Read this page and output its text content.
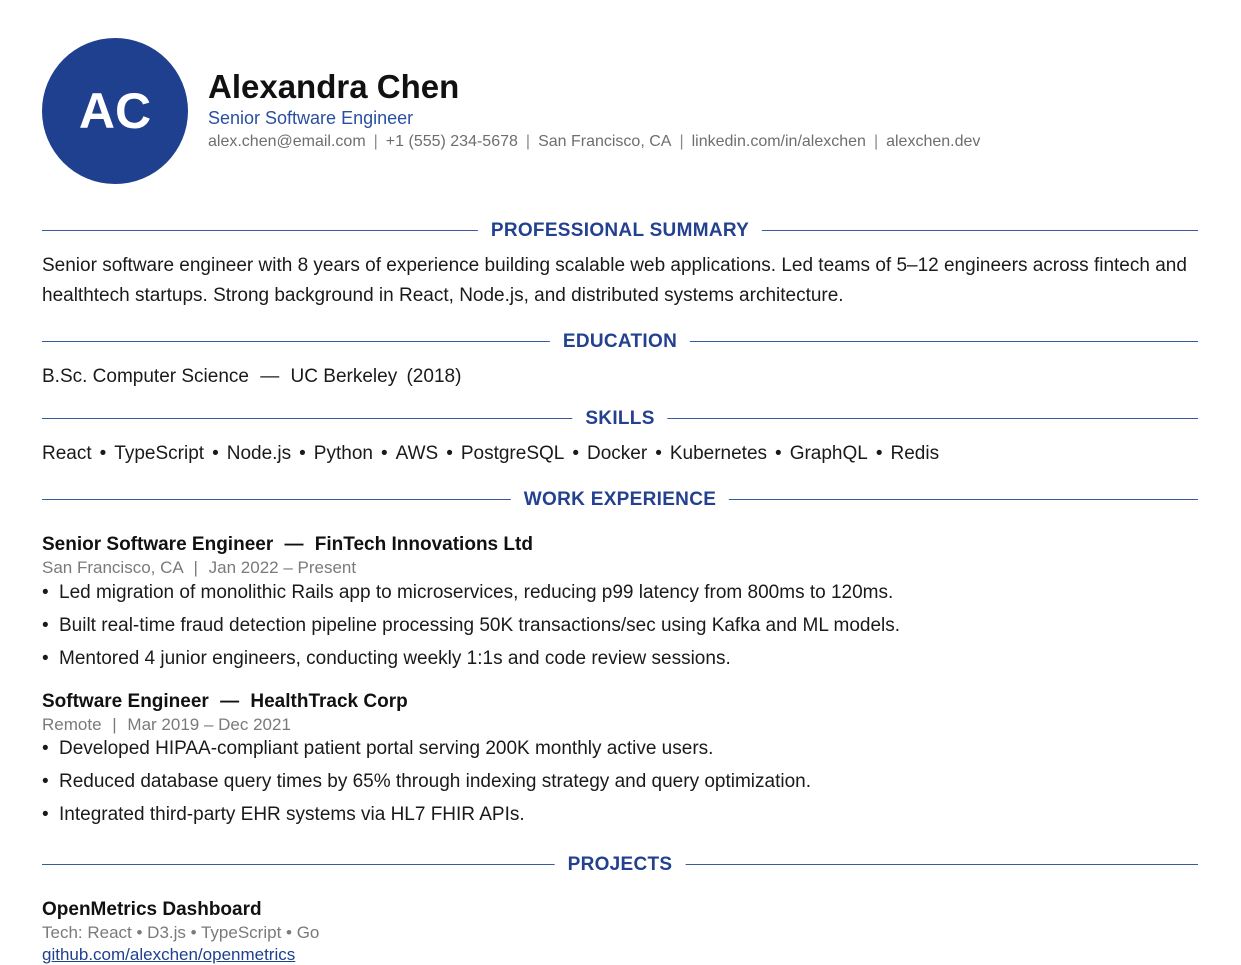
AC	Alexandra Chen
Senior Software Engineer
alex.chen@email.com | +1 (555) 234-5678 | San Francisco, CA | linkedin.com/in/alexchen | alexchen.dev
PROFESSIONAL SUMMARY
Senior software engineer with 8 years of experience building scalable web applications. Led teams of 5–12 engineers across fintech and healthtech startups. Strong background in React, Node.js, and distributed systems architecture.
EDUCATION
B.Sc. Computer Science — UC Berkeley (2018)
SKILLS
React • TypeScript • Node.js • Python • AWS • PostgreSQL • Docker • Kubernetes • GraphQL • Redis
WORK EXPERIENCE
Senior Software Engineer — FinTech Innovations Ltd
San Francisco, CA | Jan 2022 – Present
• Led migration of monolithic Rails app to microservices, reducing p99 latency from 800ms to 120ms.
• Built real-time fraud detection pipeline processing 50K transactions/sec using Kafka and ML models.
• Mentored 4 junior engineers, conducting weekly 1:1s and code review sessions.
Software Engineer — HealthTrack Corp
Remote | Mar 2019 – Dec 2021
• Developed HIPAA-compliant patient portal serving 200K monthly active users.
• Reduced database query times by 65% through indexing strategy and query optimization.
• Integrated third-party EHR systems via HL7 FHIR APIs.
PROJECTS
OpenMetrics Dashboard
Tech: React • D3.js • TypeScript • Go
github.com/alexchen/openmetrics
